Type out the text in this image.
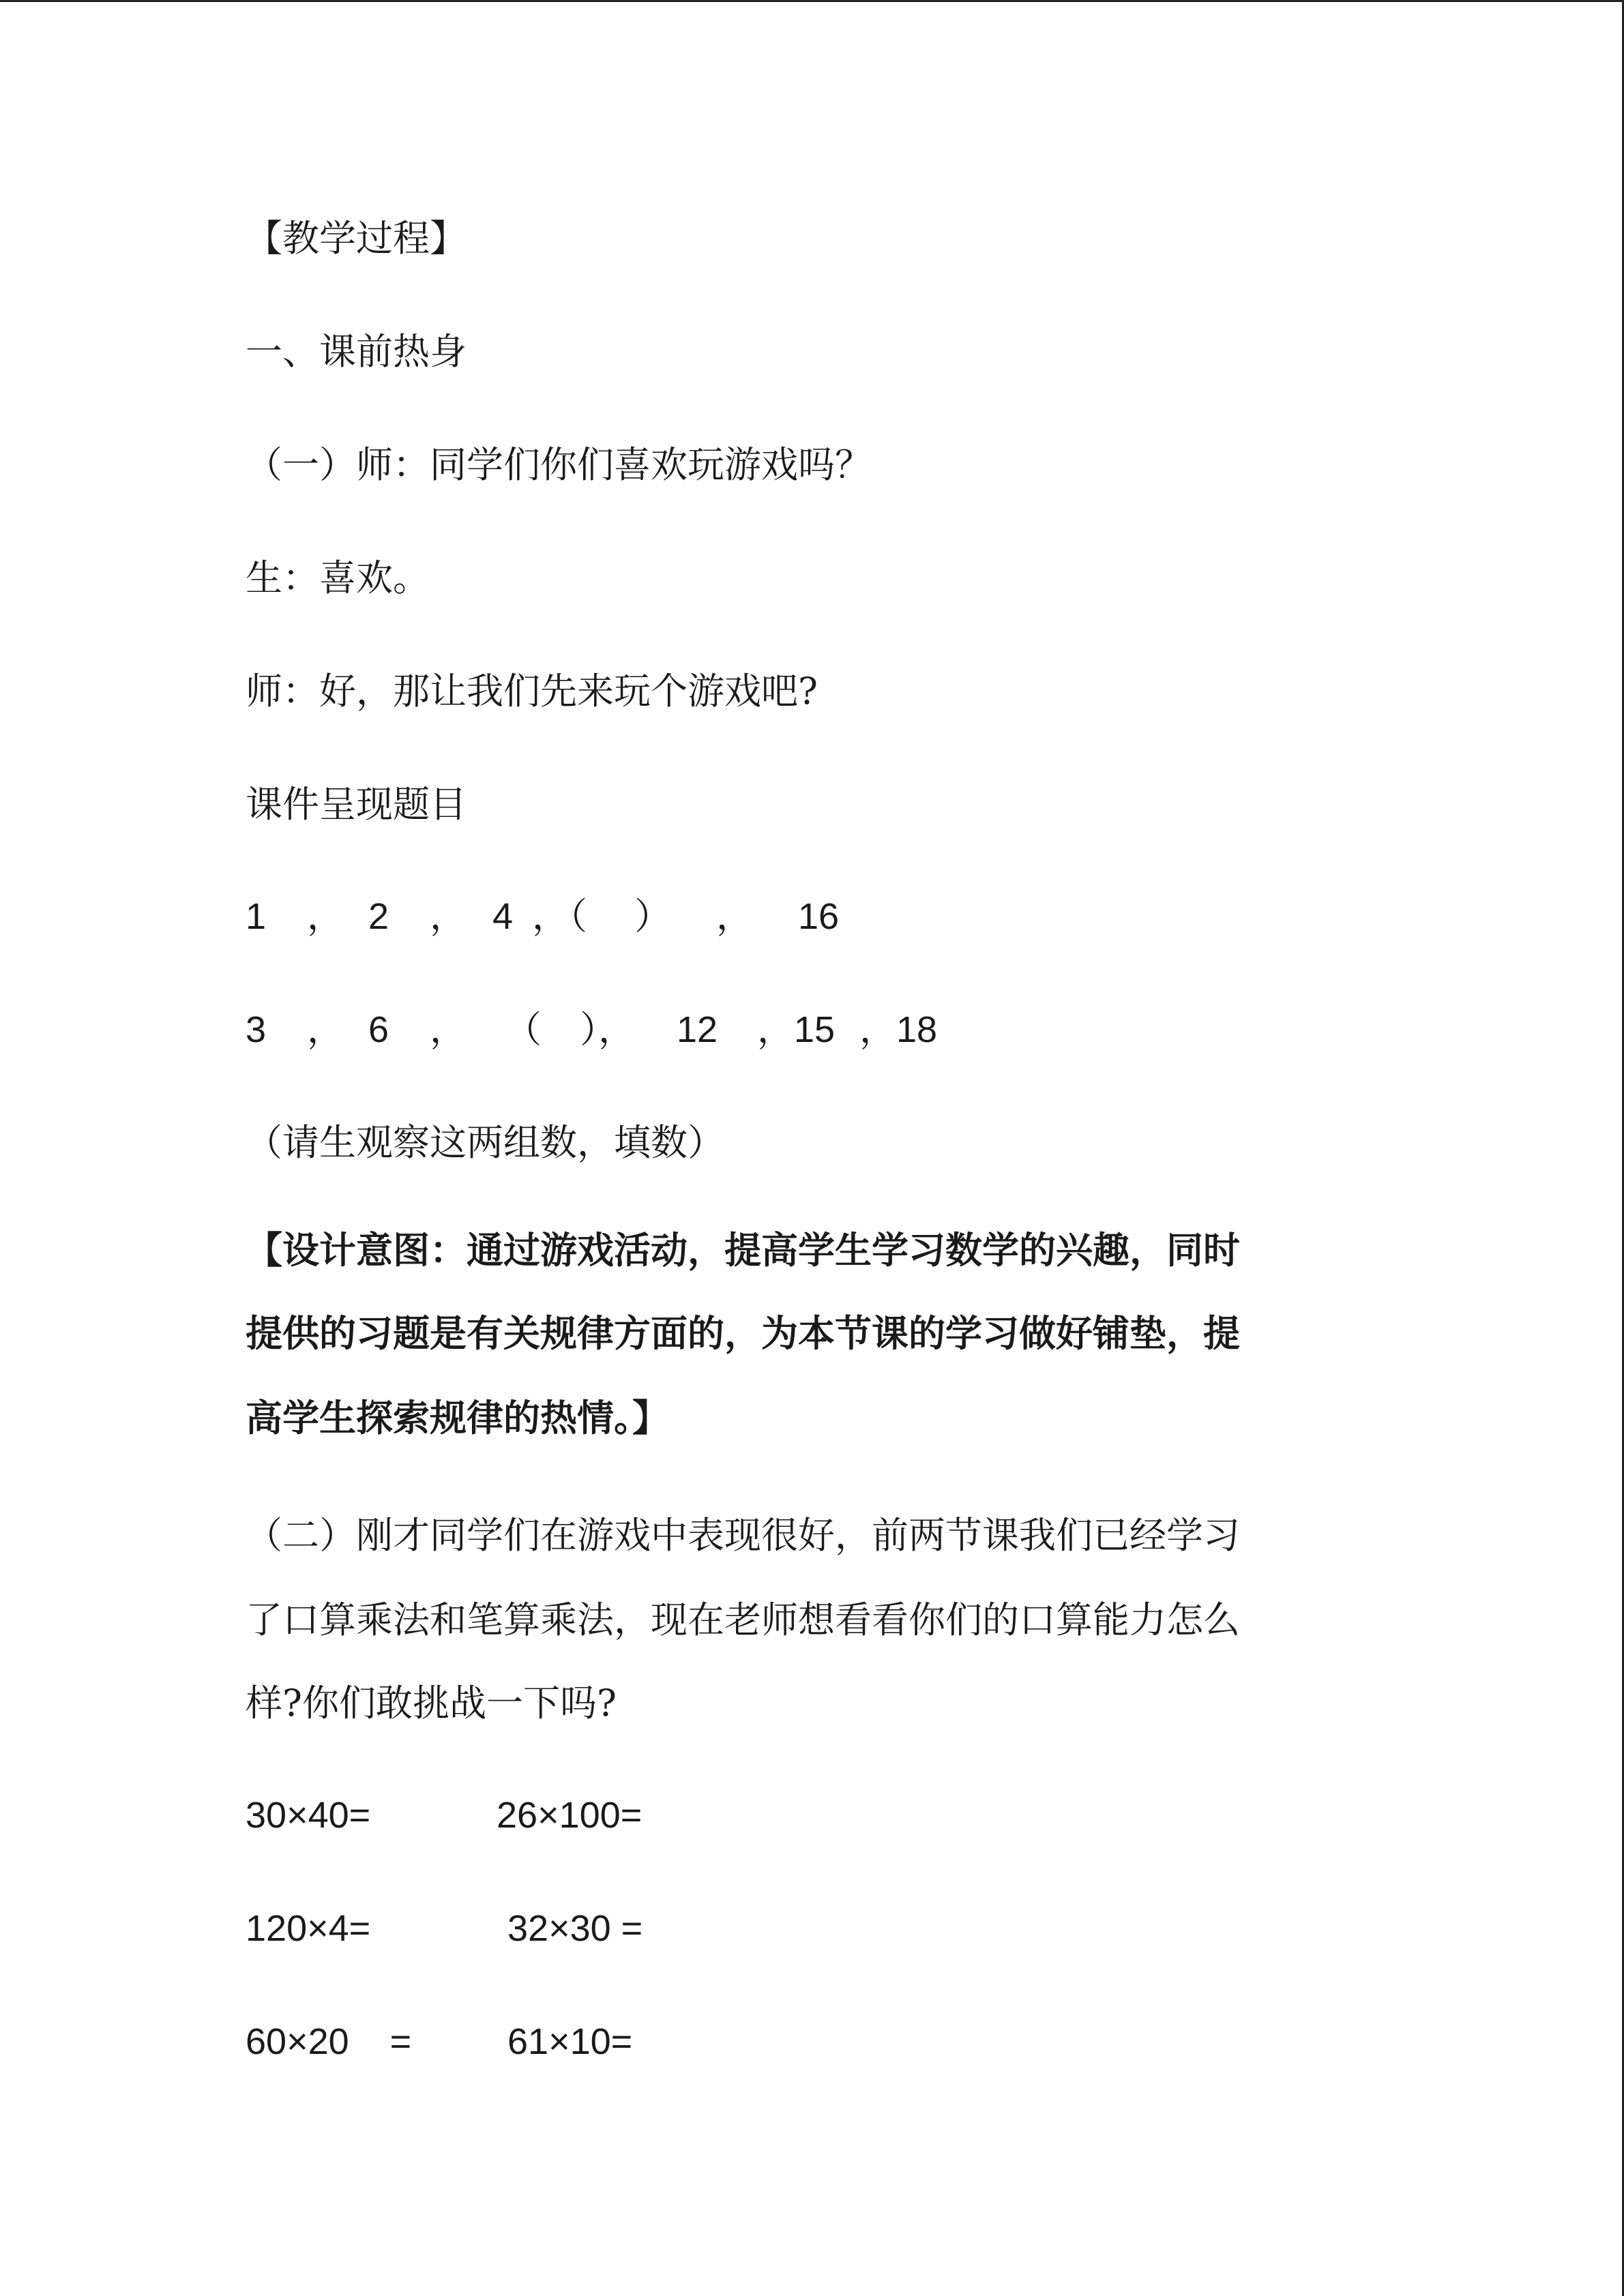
【教学过程】
一、课前热身
（一）师：同学们你们喜欢玩游戏吗？
生：喜欢。
师：好，那让我们先来玩个游戏吧?
课件呈现题目
1 ， 2 ， 4 ，（ ） ， 16
3 ， 6 ， （ ）， 12 ，15 ，18
（请生观察这两组数，填数）
【设计意图：通过游戏活动，提高学生学习数学的兴趣，同时
提供的习题是有关规律方面的，为本节课的学习做好铺垫，提
高学生探索规律的热情。】
（二）刚才同学们在游戏中表现很好，前两节课我们已经学习
了口算乘法和笔算乘法，现在老师想看看你们的口算能力怎么
样?你们敢挑战一下吗?
30×40=	26×100=
120×4=	32×30 =
60×20    =	61×10=
